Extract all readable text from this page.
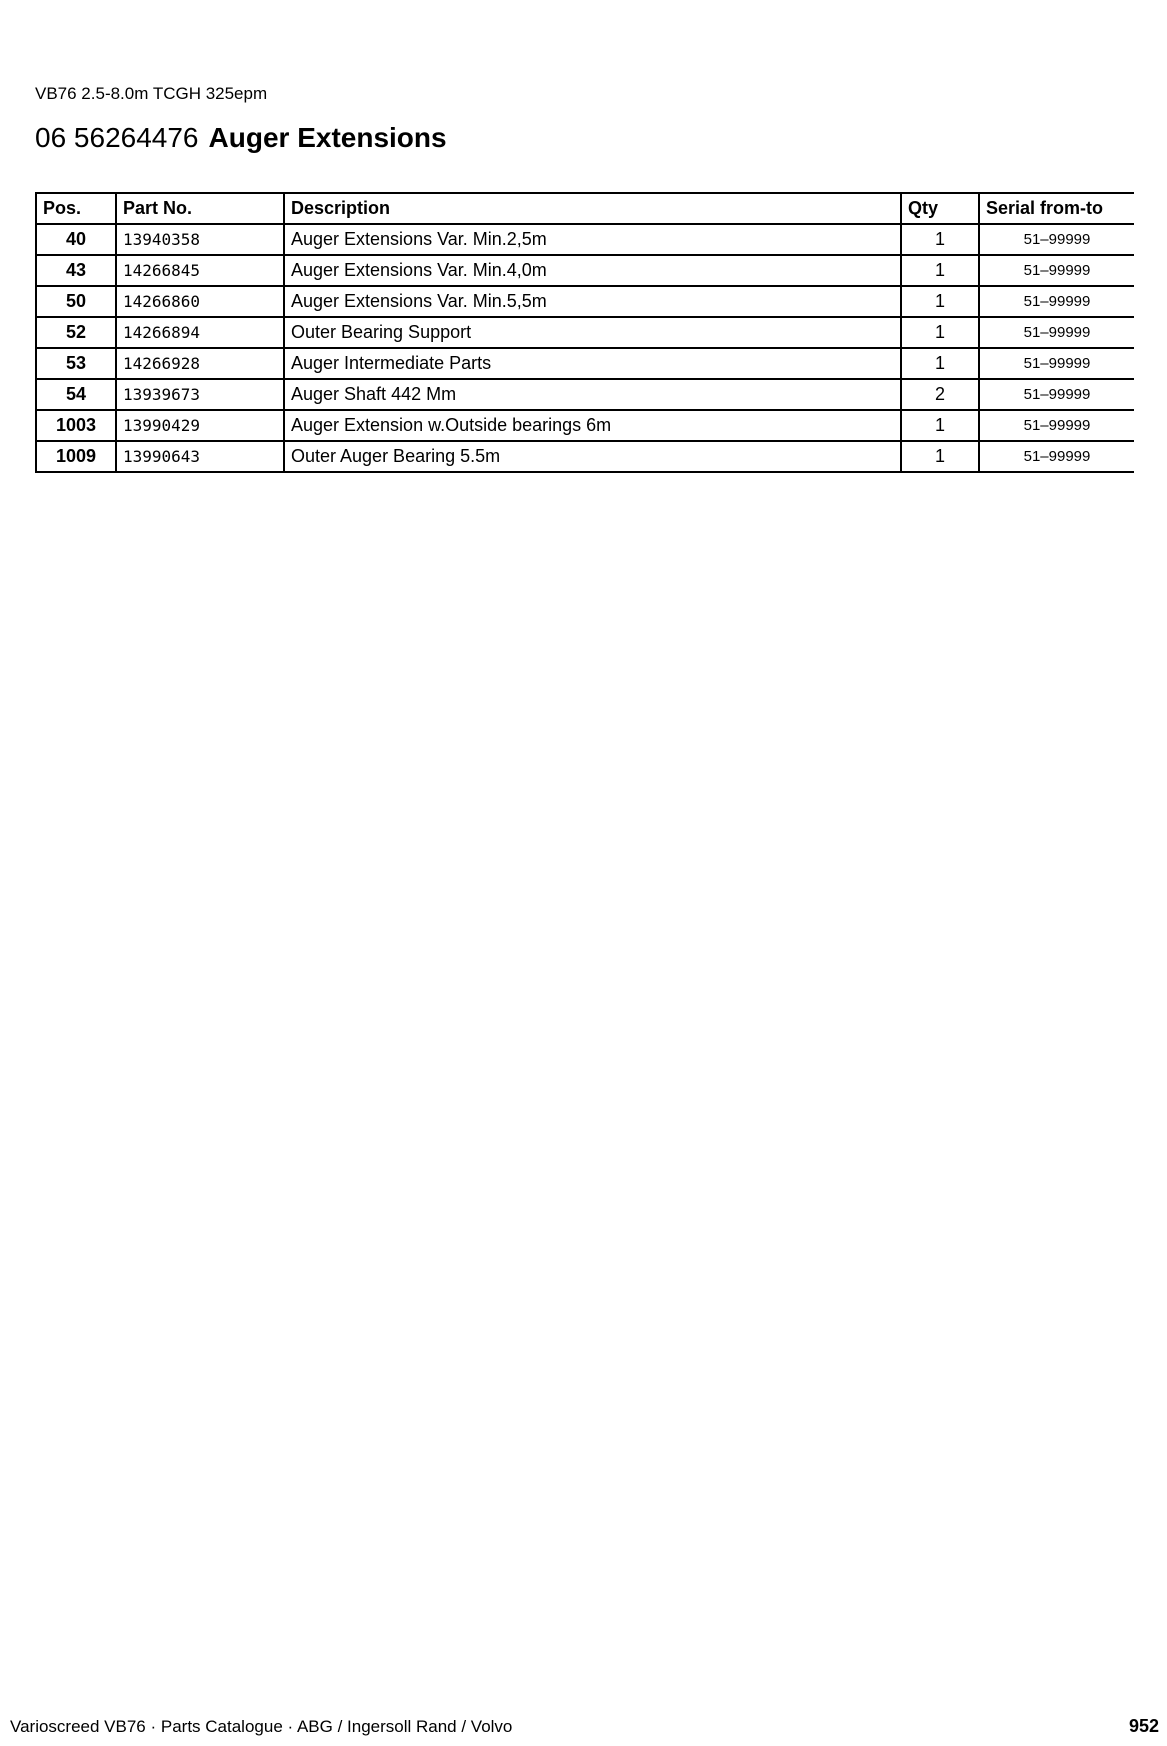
VB76 2.5-8.0m TCGH 325epm
06 56264476 Auger Extensions
Pos.	Part No.	Description	Qty	Serial from-to
40	13940358	Auger Extensions Var. Min.2,5m	1	51–99999
43	14266845	Auger Extensions Var. Min.4,0m	1	51–99999
50	14266860	Auger Extensions Var. Min.5,5m	1	51–99999
52	14266894	Outer Bearing Support	1	51–99999
53	14266928	Auger Intermediate Parts	1	51–99999
54	13939673	Auger Shaft 442 Mm	2	51–99999
1003	13990429	Auger Extension w.Outside bearings 6m	1	51–99999
1009	13990643	Outer Auger Bearing 5.5m	1	51–99999
Varioscreed VB76 · Parts Catalogue · ABG / Ingersoll Rand / Volvo	952
